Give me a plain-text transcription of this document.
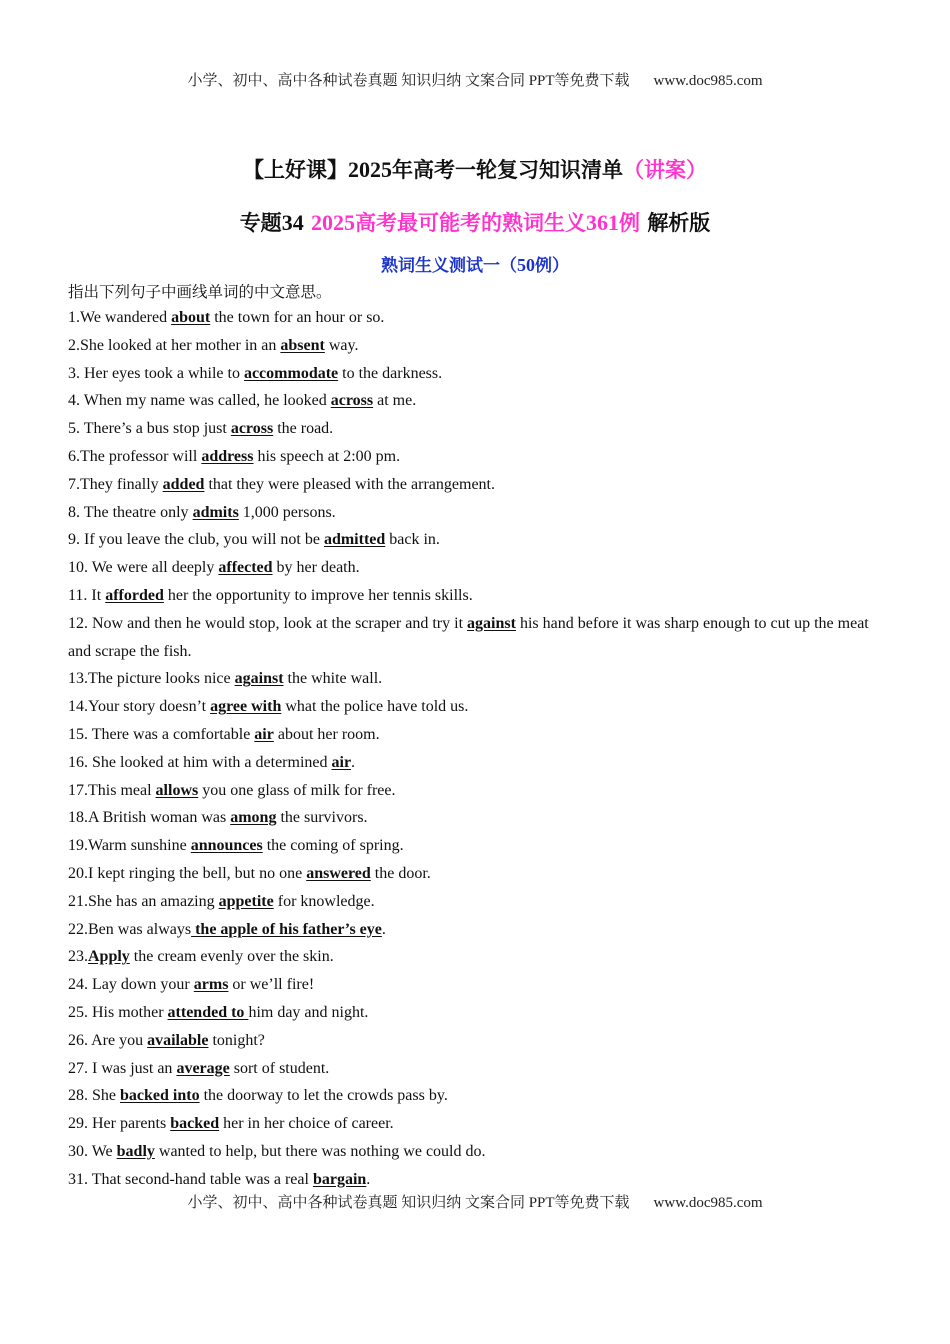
小学、初中、高中各种试卷真题 知识归纳 文案合同 PPT等免费下载 www.doc985.com
【上好课】2025年高考一轮复习知识清单（讲案）
专题34 2025高考最可能考的熟词生义361例 解析版
熟词生义测试一（50例）
指出下列句子中画线单词的中文意思。

1.We wandered about the town for an hour or so.

2.She looked at her mother in an absent way.

3. Her eyes took a while to accommodate to the darkness.

4. When my name was called, he looked across at me.

5. There’s a bus stop just across the road.

6.The professor will address his speech at 2:00 pm.

7.They finally added that they were pleased with the arrangement.

8. The theatre only admits 1,000 persons.

9. If you leave the club, you will not be admitted back in.

10. We were all deeply affected by her death.

11. It afforded her the opportunity to improve her tennis skills.

12. Now and then he would stop, look at the scraper and try it against his hand before it was sharp enough to cut up the meat and scrape the fish.

13.The picture looks nice against the white wall.

14.Your story doesn’t agree with what the police have told us.

15. There was a comfortable air about her room.

16. She looked at him with a determined air.

17.This meal allows you one glass of milk for free.

18.A British woman was among the survivors.

19.Warm sunshine announces the coming of spring.

20.I kept ringing the bell, but no one answered the door.

21.She has an amazing appetite for knowledge.

22.Ben was always the apple of his father’s eye.

23.Apply the cream evenly over the skin.

24. Lay down your arms or we’ll fire!

25. His mother attended to him day and night.

26. Are you available tonight?

27. I was just an average sort of student.

28. She backed into the doorway to let the crowds pass by.

29. Her parents backed her in her choice of career.

30. We badly wanted to help, but there was nothing we could do.

31. That second-hand table was a real bargain.

小学、初中、高中各种试卷真题 知识归纳 文案合同 PPT等免费下载 www.doc985.com
